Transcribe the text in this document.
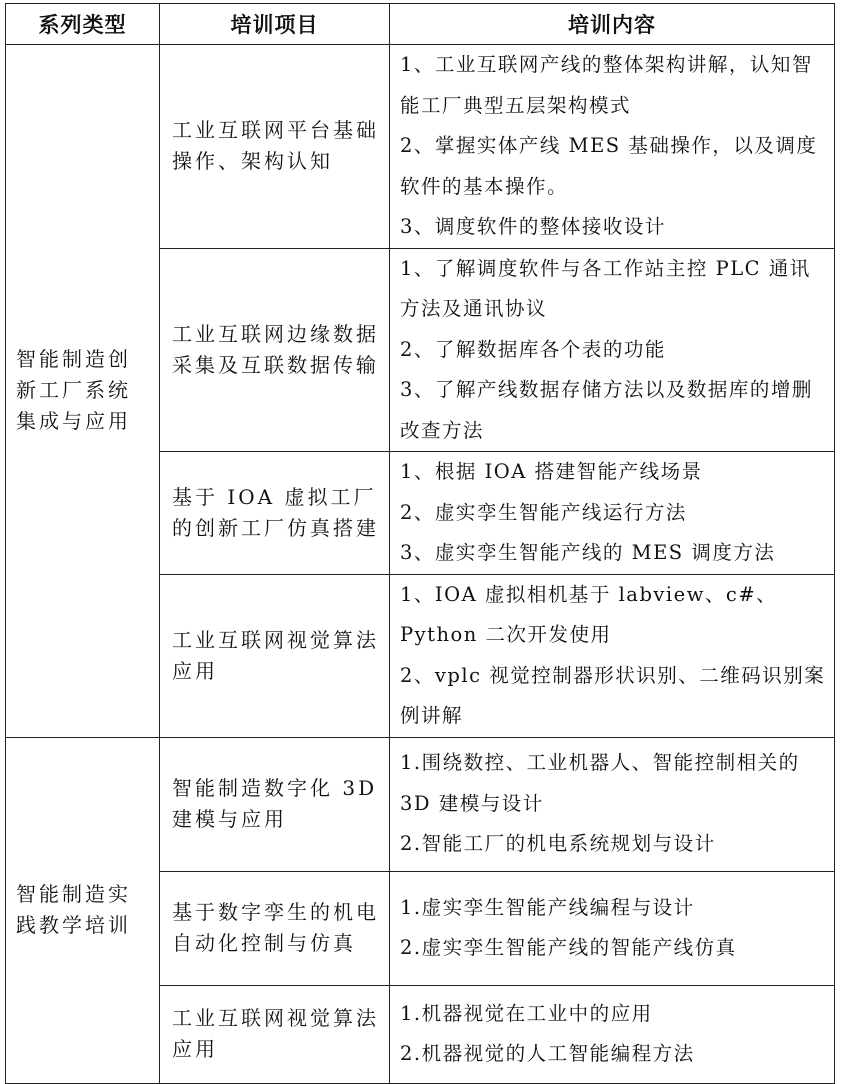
系列类型	培训项目	培训内容
智能制造创新工厂系统集成与应用	工业互联网平台基础操作、架构认知	1、工业互联网产线的整体架构讲解，认知智能工厂典型五层架构模式
2、掌握实体产线 MES 基础操作，以及调度软件的基本操作。
3、调度软件的整体接收设计

	工业互联网边缘数据采集及互联数据传输	1、了解调度软件与各工作站主控 PLC 通讯方法及通讯协议
2、了解数据库各个表的功能
3、了解产线数据存储方法以及数据库的增删改查方法

	基于 IOA 虚拟工厂的创新工厂仿真搭建	1、根据 IOA 搭建智能产线场景
2、虚实孪生智能产线运行方法
3、虚实孪生智能产线的 MES 调度方法

	工业互联网视觉算法应用	1、IOA 虚拟相机基于 labview、c#、Python 二次开发使用
2、vplc 视觉控制器形状识别、二维码识别案例讲解

智能制造实践教学培训	智能制造数字化 3D 建模与应用	1.围绕数控、工业机器人、智能控制相关的 3D 建模与设计
2.智能工厂的机电系统规划与设计

	基于数字孪生的机电自动化控制与仿真	1.虚实孪生智能产线编程与设计
2.虚实孪生智能产线的智能产线仿真

	工业互联网视觉算法应用	1.机器视觉在工业中的应用
2.机器视觉的人工智能编程方法
